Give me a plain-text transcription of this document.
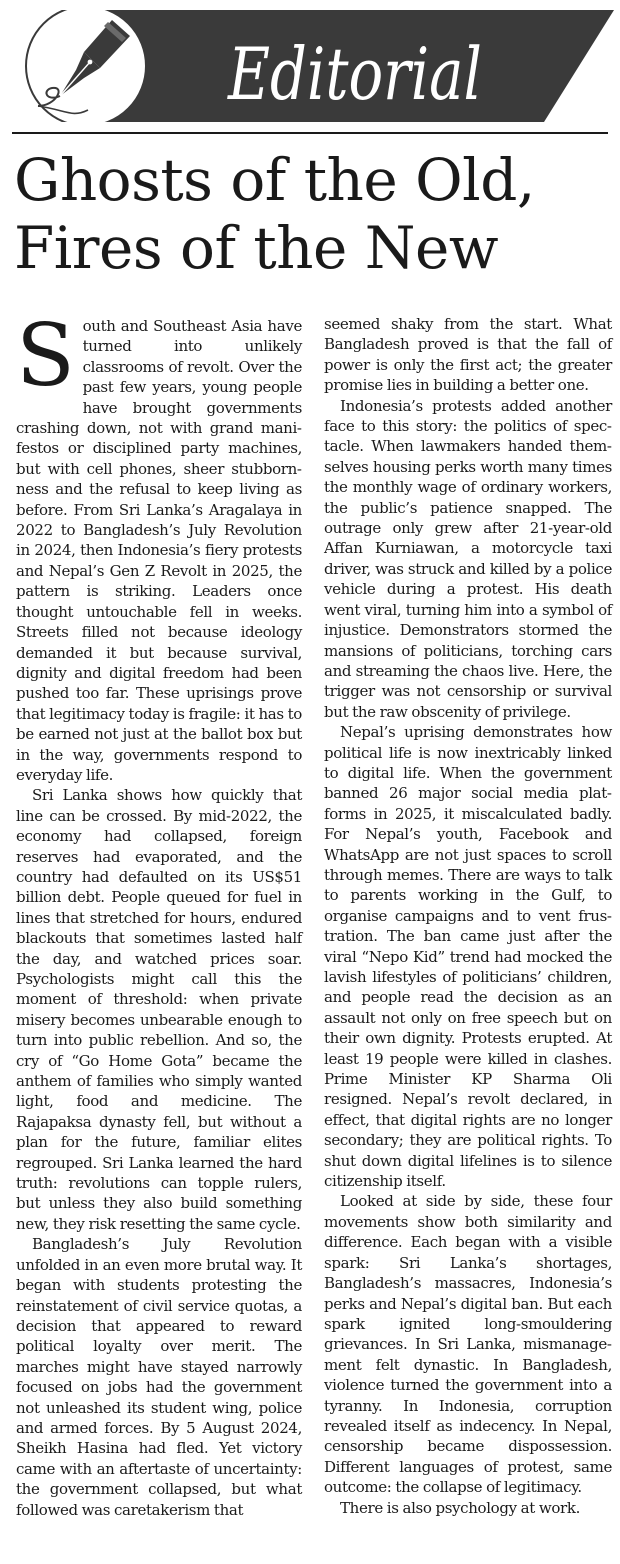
Editorial
Ghosts of the Old,
Fires of the New

South and Southeast Asia have turned into unlikely classrooms of revolt. Over the past few years, young people have brought governments crashing down, not with grand manifestos or disciplined party machines, but with cell phones, sheer stubbornness and the refusal to keep living as before. From Sri Lanka’s Aragalaya in 2022 to Bangladesh’s July Revolution in 2024, then Indonesia’s fiery protests and Nepal’s Gen Z Revolt in 2025, the pattern is striking. Leaders once thought untouchable fell in weeks. Streets filled not because ideology demanded it but because survival, dignity and digital freedom had been pushed too far. These uprisings prove that legitimacy today is fragile: it has to be earned not just at the ballot box but in the way, governments respond to everyday life.

Sri Lanka shows how quickly that line can be crossed. By mid-2022, the economy had collapsed, foreign reserves had evaporated, and the country had defaulted on its US$51 billion debt. People queued for fuel in lines that stretched for hours, endured blackouts that sometimes lasted half the day, and watched prices soar. Psychologists might call this the moment of threshold: when private misery becomes unbearable enough to turn into public rebellion. And so, the cry of “Go Home Gota” became the anthem of families who simply wanted light, food and medicine. The Rajapaksa dynasty fell, but without a plan for the future, familiar elites regrouped. Sri Lanka learned the hard truth: revolutions can topple rulers, but unless they also build something new, they risk resetting the same cycle.

Bangladesh’s July Revolution unfolded in an even more brutal way. It began with students protesting the reinstatement of civil service quotas, a decision that appeared to reward political loyalty over merit. The marches might have stayed narrowly focused on jobs had the government not unleashed its student wing, police and armed forces. By 5 August 2024, Sheikh Hasina had fled. Yet victory came with an aftertaste of uncertainty: the government collapsed, but what followed was caretakerism that

seemed shaky from the start. What Bangladesh proved is that the fall of power is only the first act; the greater promise lies in building a better one.

Indonesia’s protests added another face to this story: the politics of spectacle. When lawmakers handed themselves housing perks worth many times the monthly wage of ordinary workers, the public’s patience snapped. The outrage only grew after 21-year-old Affan Kurniawan, a motorcycle taxi driver, was struck and killed by a police vehicle during a protest. His death went viral, turning him into a symbol of injustice. Demonstrators stormed the mansions of politicians, torching cars and streaming the chaos live. Here, the trigger was not censorship or survival but the raw obscenity of privilege.

Nepal’s uprising demonstrates how political life is now inextricably linked to digital life. When the government banned 26 major social media platforms in 2025, it miscalculated badly. For Nepal’s youth, Facebook and WhatsApp are not just spaces to scroll through memes. There are ways to talk to parents working in the Gulf, to organise campaigns and to vent frustration. The ban came just after the viral “Nepo Kid” trend had mocked the lavish lifestyles of politicians’ children, and people read the decision as an assault not only on free speech but on their own dignity. Protests erupted. At least 19 people were killed in clashes. Prime Minister KP Sharma Oli resigned. Nepal’s revolt declared, in effect, that digital rights are no longer secondary; they are political rights. To shut down digital lifelines is to silence citizenship itself.

Looked at side by side, these four movements show both similarity and difference. Each began with a visible spark: Sri Lanka’s shortages, Bangladesh’s massacres, Indonesia’s perks and Nepal’s digital ban. But each spark ignited long-smouldering grievances. In Sri Lanka, mismanagement felt dynastic. In Bangladesh, violence turned the government into a tyranny. In Indonesia, corruption revealed itself as indecency. In Nepal, censorship became dispossession. Different languages of protest, same outcome: the collapse of legitimacy.

There is also psychology at work.
